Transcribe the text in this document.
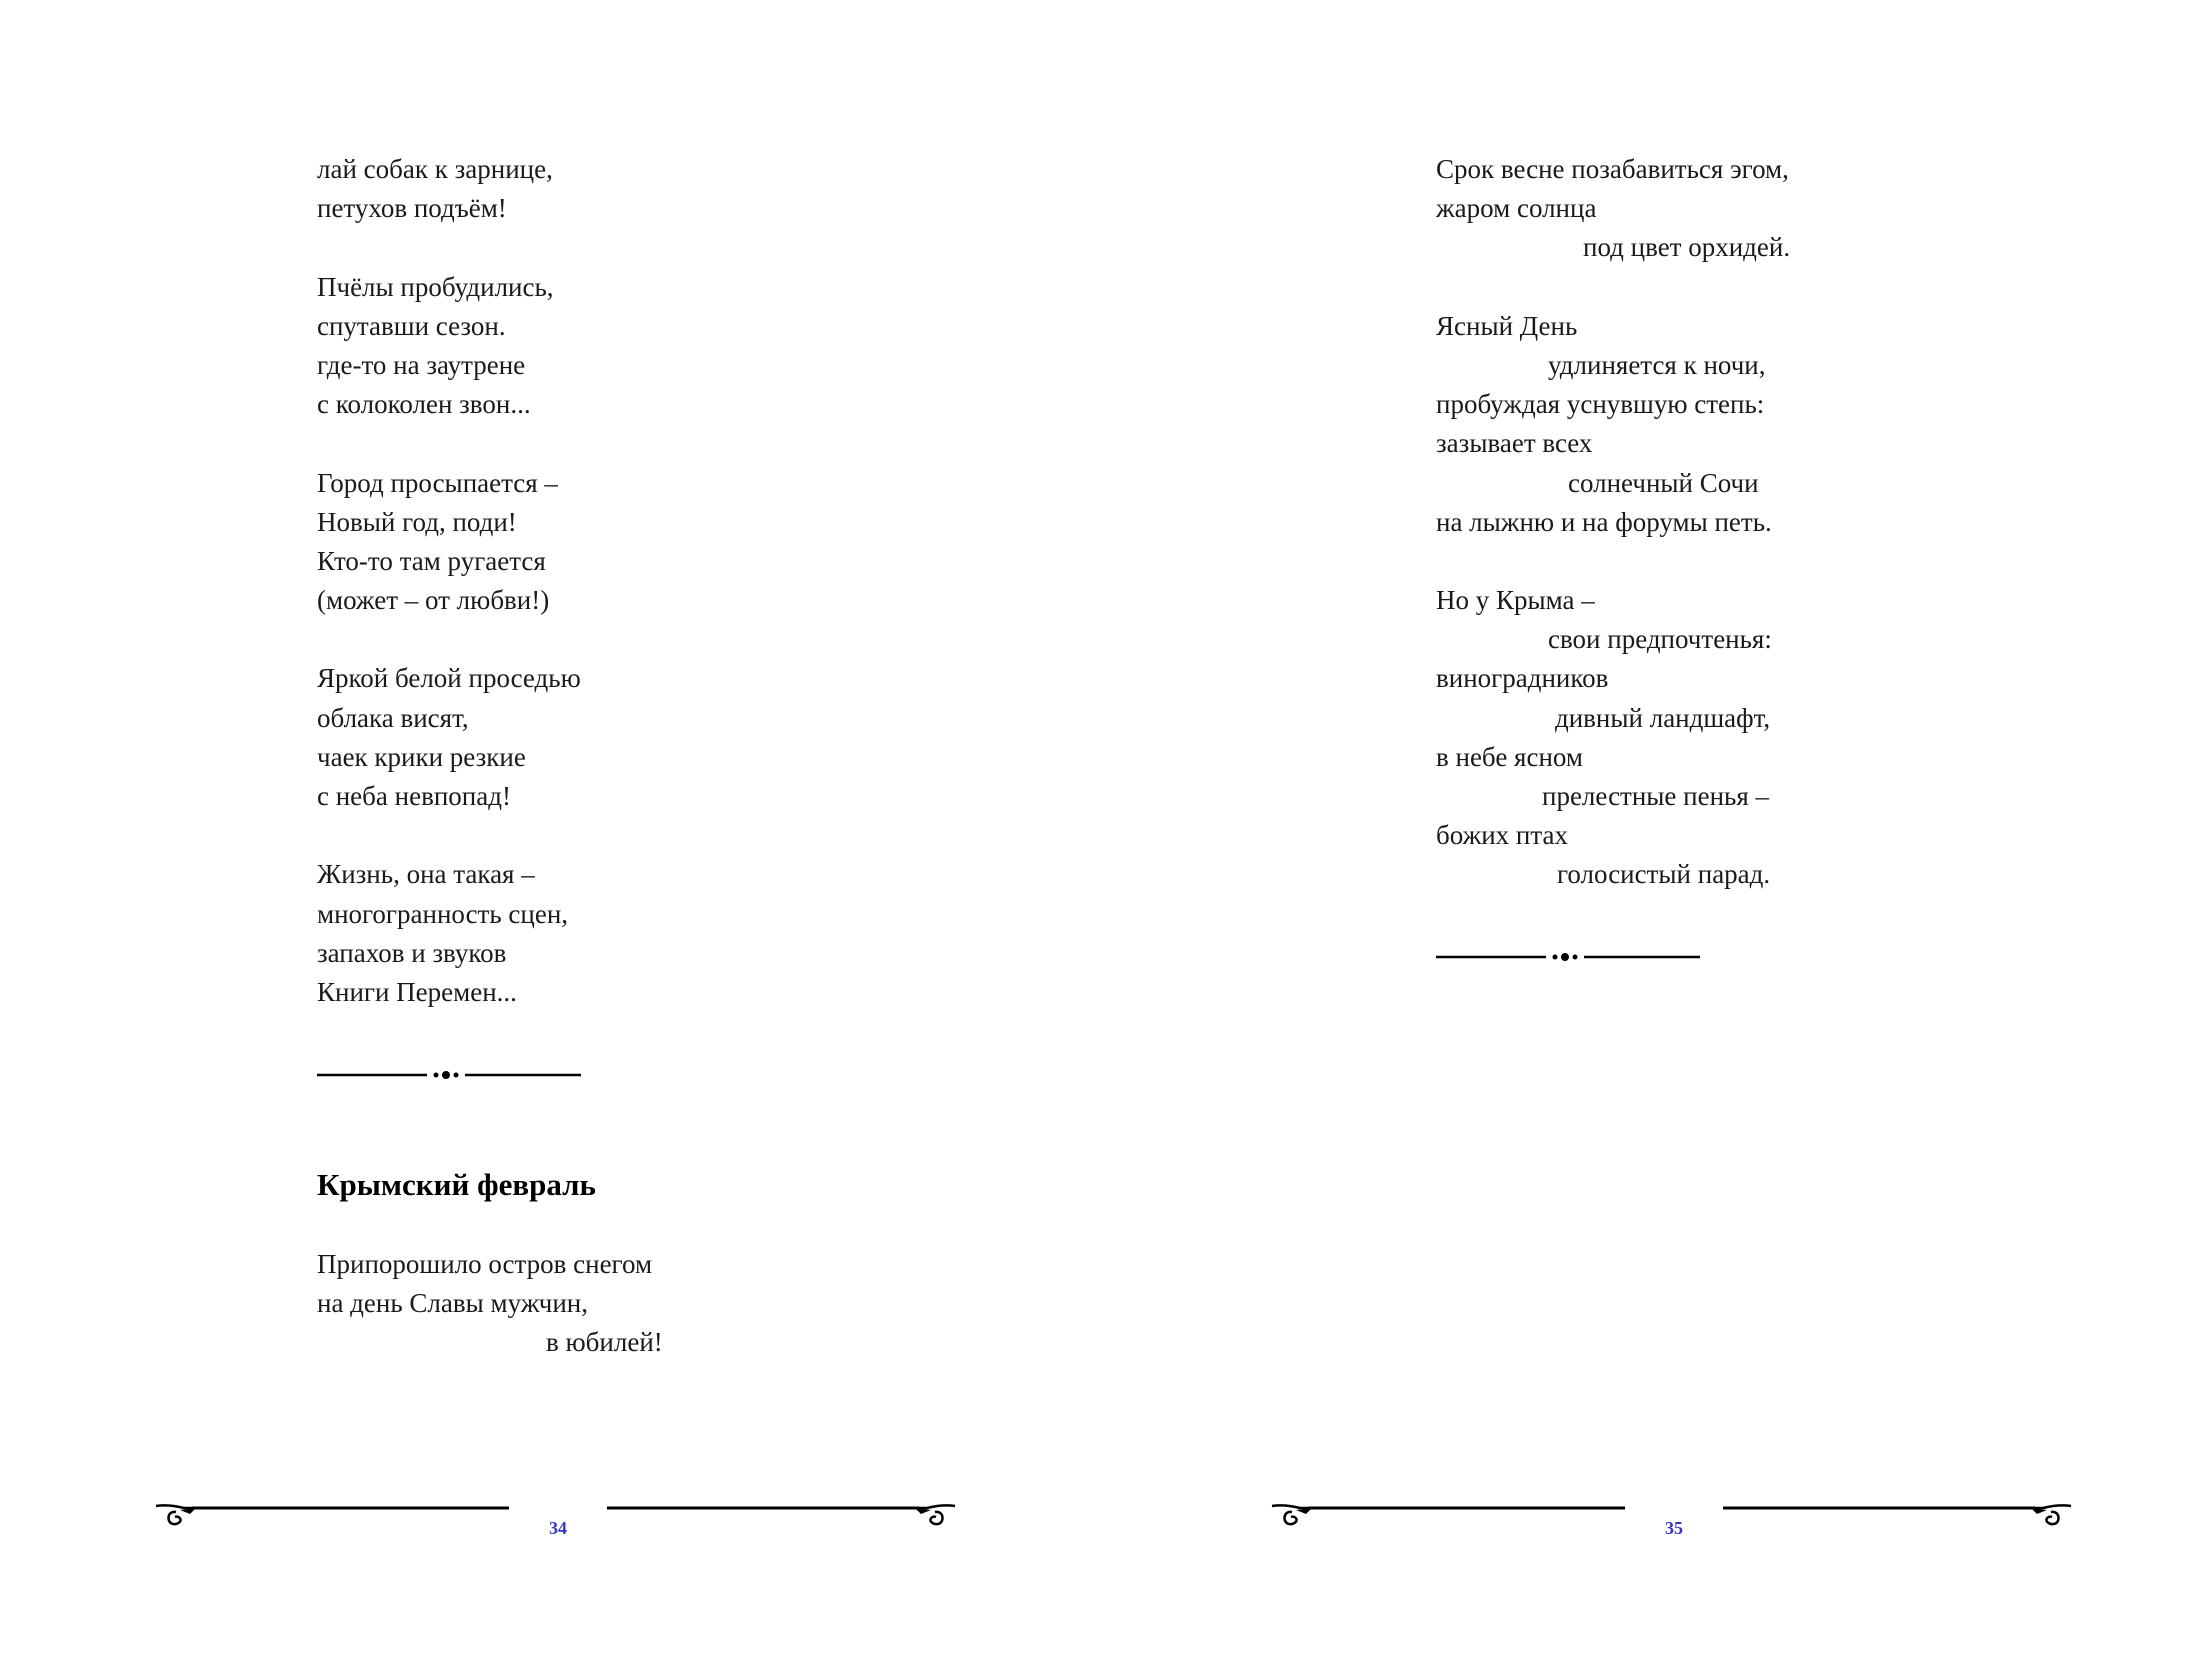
лай собак к зарнице,
петухов подъём!
Пчёлы пробудились,
спутавши сезон.
где-то на заутрене
с колоколен звон...
Город просыпается –
Новый год, поди!
Кто-то там ругается
(может – от любви!)
Яркой белой проседью
облака висят,
чаек крики резкие
с неба невпопад!
Жизнь, она такая –
многогранность сцен,
запахов и звуков
Книги Перемен...
Крымский февраль
Припорошило остров снегом
на день Славы мужчин,
в юбилей!
34
Срок весне позабавиться эгом,
жаром солнца
под цвет орхидей.
Ясный День
удлиняется к ночи,
пробуждая уснувшую степь:
зазывает всех
солнечный Сочи
на лыжню и на форумы петь.
Но у Крыма –
свои предпочтенья:
виноградников
дивный ландшафт,
в небе ясном
прелестные пенья –
божих птах
голосистый парад.
35
